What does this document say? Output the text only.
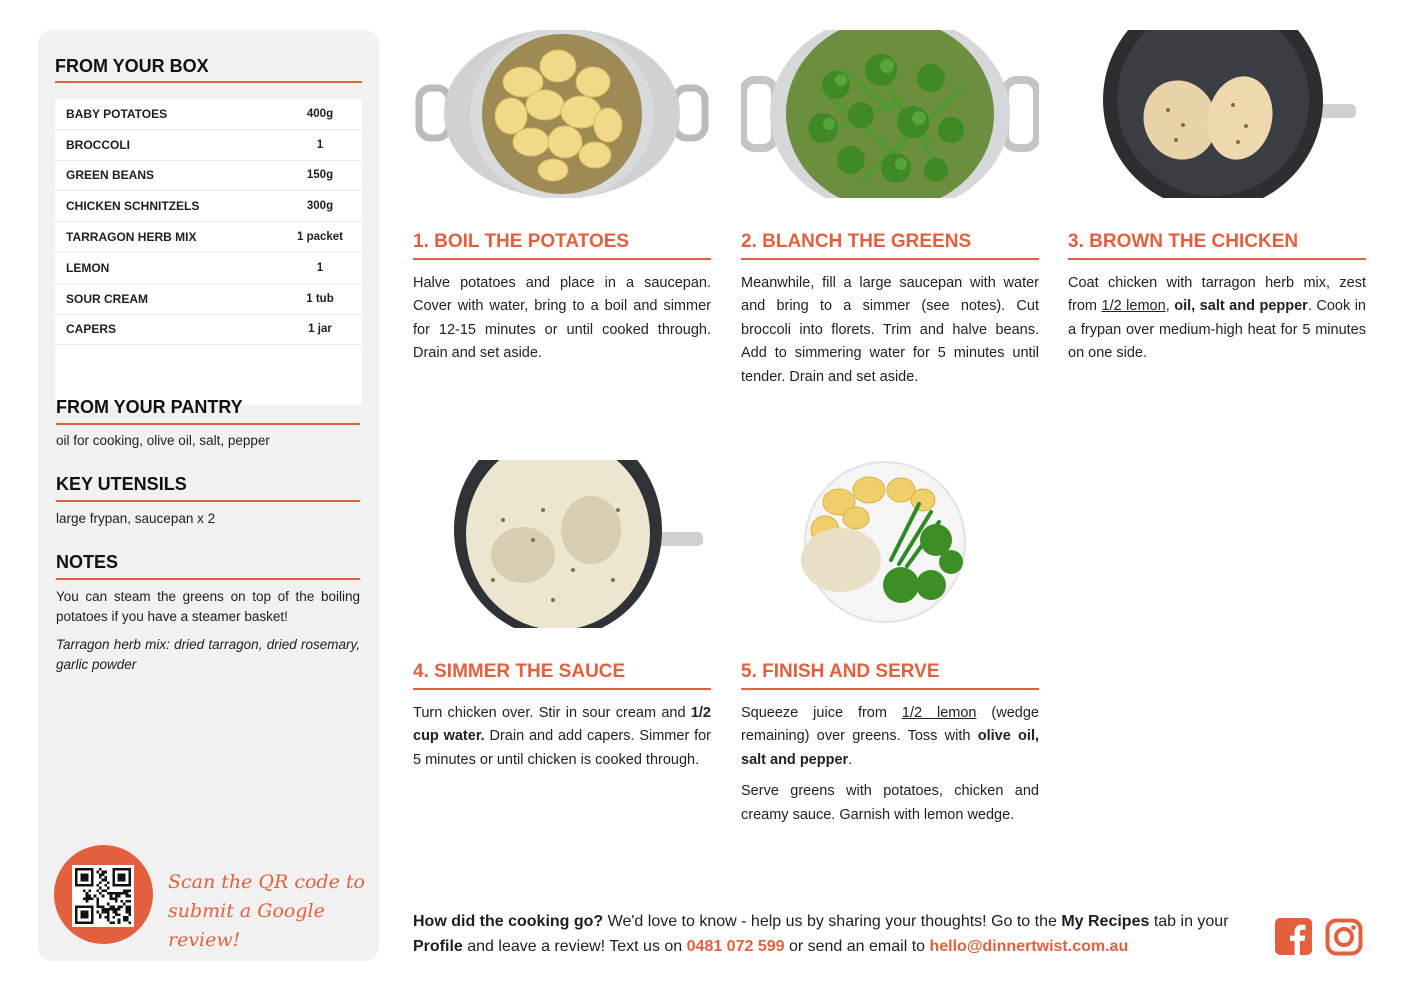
FROM YOUR BOX
BABY POTATOES	400g
BROCCOLI	1
GREEN BEANS	150g
CHICKEN SCHNITZELS	300g
TARRAGON HERB MIX	1 packet
LEMON	1
SOUR CREAM	1 tub
CAPERS	1 jar
FROM YOUR PANTRY
oil for cooking, olive oil, salt, pepper
KEY UTENSILS
large frypan, saucepan x 2
NOTES
You can steam the greens on top of the boiling potatoes if you have a steamer basket!
Tarragon herb mix: dried tarragon, dried rosemary, garlic powder
Scan the QR code to
submit a Google review!
1. BOIL THE POTATOES

Halve potatoes and place in a saucepan. Cover with water, bring to a boil and simmer for 12-15 minutes or until cooked through. Drain and set aside.

2. BLANCH THE GREENS

Meanwhile, fill a large saucepan with water and bring to a simmer (see notes). Cut broccoli into florets. Trim and halve beans. Add to simmering water for 5 minutes until tender. Drain and set aside.

3. BROWN THE CHICKEN

Coat chicken with tarragon herb mix, zest from 1/2 lemon, oil, salt and pepper. Cook in a frypan over medium-high heat for 5 minutes on one side.

4. SIMMER THE SAUCE

Turn chicken over. Stir in sour cream and 1/2 cup water. Drain and add capers. Simmer for 5 minutes or until chicken is cooked through.

5. FINISH AND SERVE

Squeeze juice from 1/2 lemon (wedge remaining) over greens. Toss with olive oil, salt and pepper.

Serve greens with potatoes, chicken and creamy sauce. Garnish with lemon wedge.

How did the cooking go? We'd love to know - help us by sharing your thoughts! Go to the My Recipes tab in your Profile and leave a review! Text us on 0481 072 599 or send an email to hello@dinnertwist.com.au
